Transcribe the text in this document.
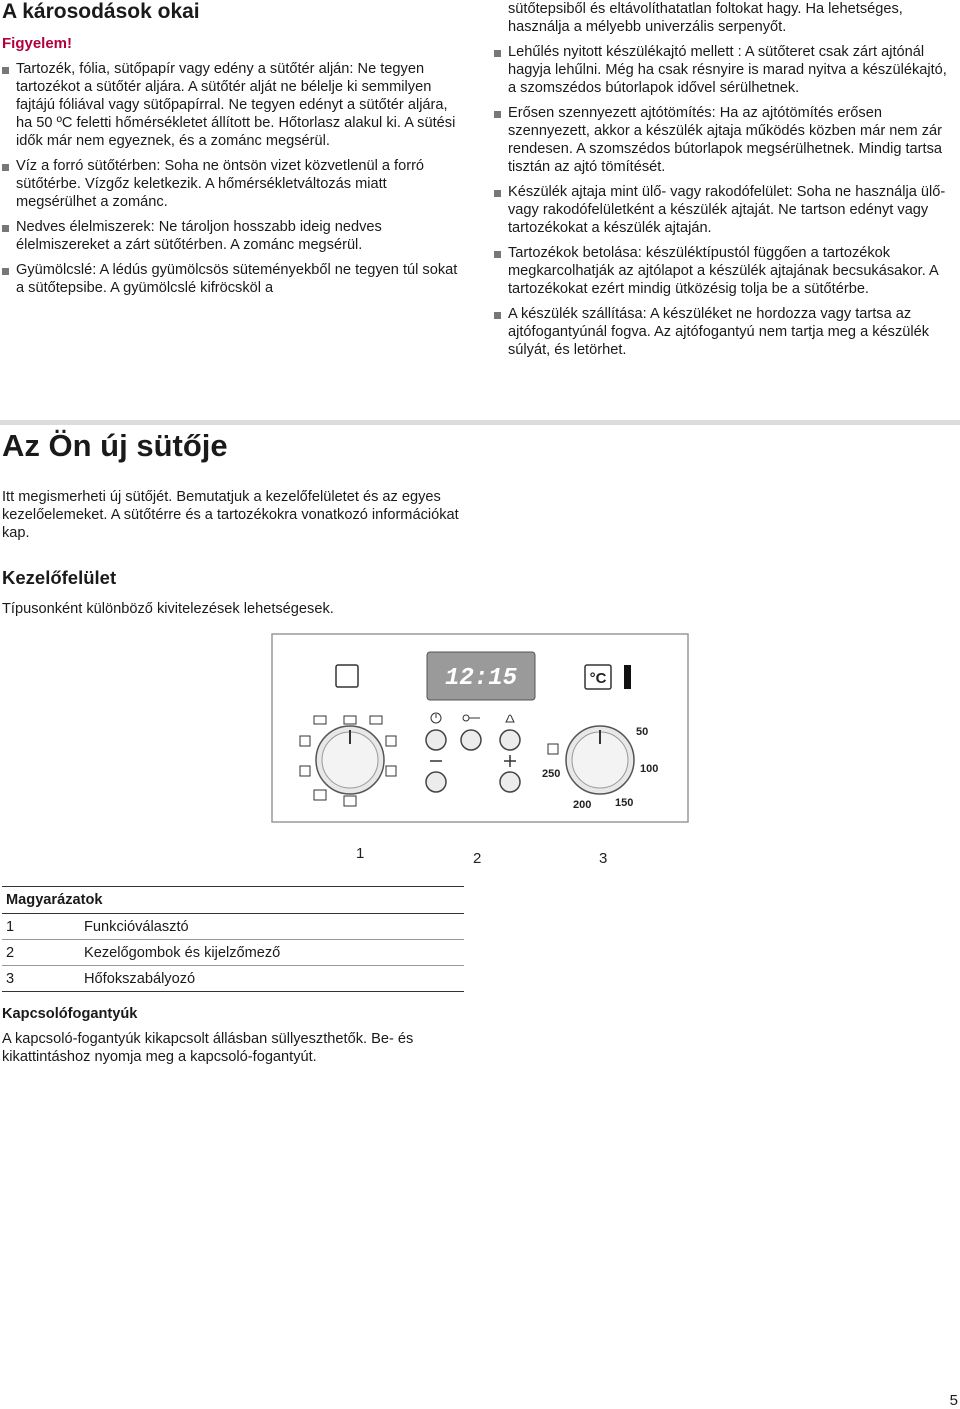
A károsodások okai
Figyelem!
Tartozék, fólia, sütőpapír vagy edény a sütőtér alján: Ne tegyen tartozékot a sütőtér aljára. A sütőtér alját ne bélelje ki semmilyen fajtájú fóliával vagy sütőpapírral. Ne tegyen edényt a sütőtér aljára, ha 50 ºC feletti hőmérsékletet állított be. Hőtorlasz alakul ki. A sütési idők már nem egyeznek, és a zománc megsérül.
Víz a forró sütőtérben: Soha ne öntsön vizet közvetlenül a forró sütőtérbe. Vízgőz keletkezik. A hőmérsékletváltozás miatt megsérülhet a zománc.
Nedves élelmiszerek: Ne tároljon hosszabb ideig nedves élelmiszereket a zárt sütőtérben. A zománc megsérül.
Gyümölcslé: A lédús gyümölcsös süteményekből ne tegyen túl sokat a sütőtepsibe. A gyümölcslé kifröcsköl a
sütőtepsiből és eltávolíthatatlan foltokat hagy. Ha lehetséges, használja a mélyebb univerzális serpenyőt.
Lehűlés nyitott készülékajtó mellett : A sütőteret csak zárt ajtónál hagyja lehűlni. Még ha csak résnyire is marad nyitva a készülékajtó, a szomszédos bútorlapok idővel sérülhetnek.
Erősen szennyezett ajtótömítés: Ha az ajtótömítés erősen szennyezett, akkor a készülék ajtaja működés közben már nem zár rendesen. A szomszédos bútorlapok megsérülhetnek. Mindig tartsa tisztán az ajtó tömítését.
Készülék ajtaja mint ülő- vagy rakodófelület: Soha ne használja ülő- vagy rakodófelületként a készülék ajtaját. Ne tartson edényt vagy tartozékokat a készülék ajtaján.
Tartozékok betolása: készüléktípustól függően a tartozékok megkarcolhatják az ajtólapot a készülék ajtajának becsukásakor. A tartozékokat ezért mindig ütközésig tolja be a sütőtérbe.
A készülék szállítása: A készüléket ne hordozza vagy tartsa az ajtófogantyúnál fogva. Az ajtófogantyú nem tartja meg a készülék súlyát, és letörhet.
Az Ön új sütője
Itt megismerheti új sütőjét. Bemutatjuk a kezelőfelületet és az egyes kezelőelemeket. A sütőtérre és a tartozékokra vonatkozó információkat kap.
Kezelőfelület
Típusonként különböző kivitelezések lehetségesek.
12:15	°C
50
100
150
200
250
1	2	3
Magyarázatok	
1	Funkcióválasztó
2	Kezelőgombok és kijelzőmező
3	Hőfokszabályozó
Kapcsolófogantyúk
A kapcsoló-fogantyúk kikapcsolt állásban süllyeszthetők. Be- és kikattintáshoz nyomja meg a kapcsoló-fogantyút.
5
